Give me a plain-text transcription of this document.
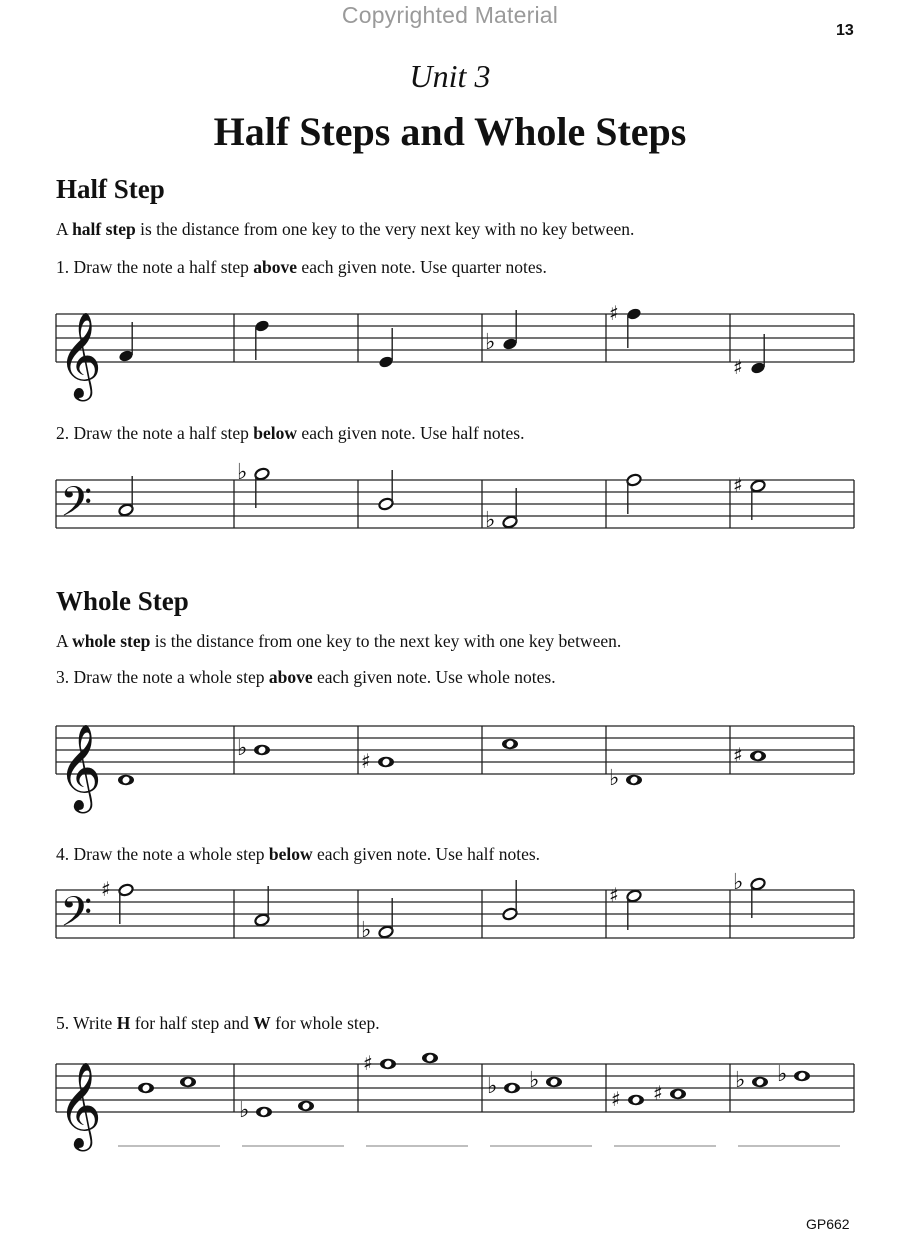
Copyrighted Material
13
Unit 3
Half Steps and Whole Steps
Half Step
A half step is the distance from one key to the very next key with no key between.
1. Draw the note a half step above each given note. Use quarter notes.
𝄞	♭
♯
♯
2. Draw the note a half step below each given note. Use half notes.
𝄢
♭
♭
♯
Whole Step
A whole step is the distance from one key to the next key with one key between.
3. Draw the note a whole step above each given note. Use whole notes.
𝄞	♭	♯
♭
♯
4. Draw the note a whole step below each given note. Use half notes.
𝄢 ♯
♭
♯	♭
5. Write H for half step and W for whole step.
𝄞	♭
♯
♭ ♭
♯ ♯	♭ ♭
GP662
